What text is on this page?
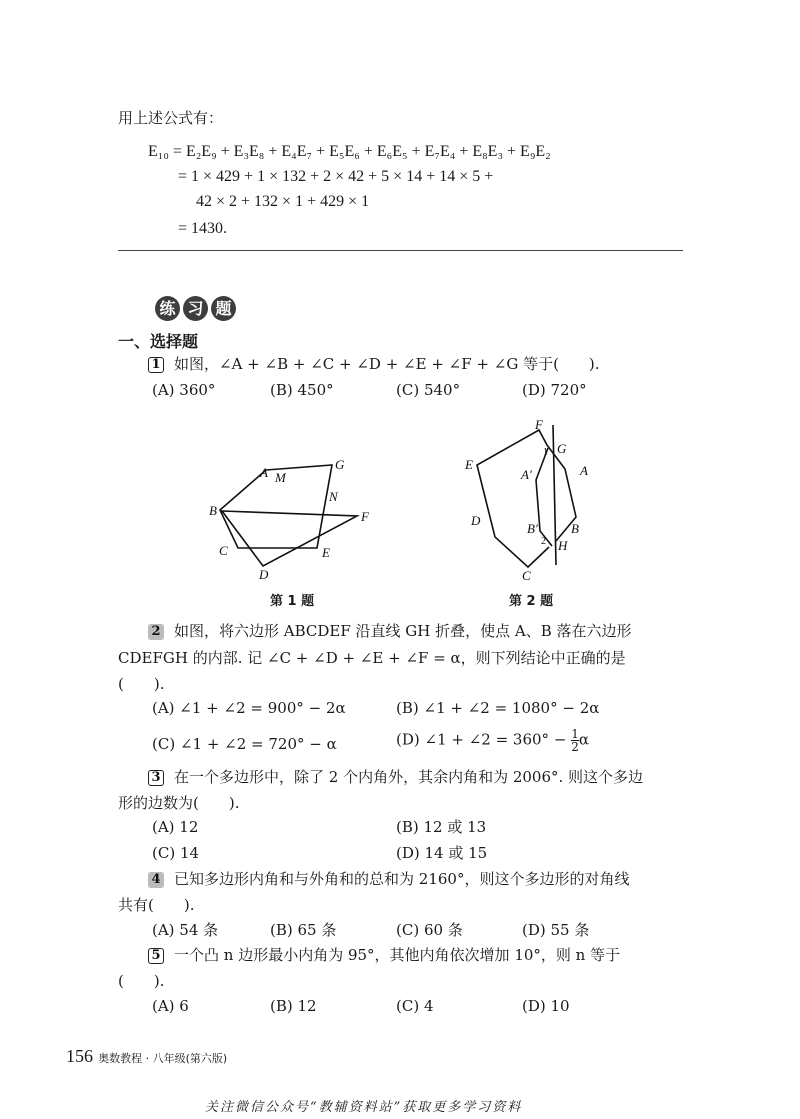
用上述公式有：
E₁₀ = E₂E₉ + E₃E₈ + E₄E₇ + E₅E₆ + E₆E₅ + E₇E₄ + E₈E₃ + E₉E₂
= 1 × 429 + 1 × 132 + 2 × 42 + 5 × 14 + 14 × 5 +
42 × 2 + 132 × 1 + 429 × 1
= 1430.
练 习 题
一、选择题
1 如图，∠A + ∠B + ∠C + ∠D + ∠E + ∠F + ∠G 等于(　　).
(A) 360°	(B) 450°	(C) 540°	(D) 720°
A M
G
N
B	F
C	E
D
第 1 题
F
G
1
E
A′	A
D
B′	B
2 H
C
第 2 题
2 如图，将六边形 ABCDEF 沿直线 GH 折叠，使点 A、B 落在六边形
CDEFGH 的内部. 记 ∠C + ∠D + ∠E + ∠F = α，则下列结论中正确的是
(　　).
(A) ∠1 + ∠2 = 900° − 2α	(B) ∠1 + ∠2 = 1080° − 2α
(C) ∠1 + ∠2 = 720° − α	(D) ∠1 + ∠2 = $360^\circ - \frac{1}{2}$ α
3 在一个多边形中，除了 2 个内角外，其余内角和为 2006°. 则这个多边
形的边数为(　　).
(A) 12	(B) 12 或 13
(C) 14	(D) 14 或 15
4 已知多边形内角和与外角和的总和为 2160°，则这个多边形的对角线
共有(　　).
(A) 54 条	(B) 65 条	(C) 60 条	(D) 55 条
5 一个凸 n 边形最小内角为 95°，其他内角依次增加 10°，则 n 等于
(　　).
(A) 6	(B) 12	(C) 4	(D) 10
156 奥数教程 · 八年级(第六版)
关注微信公众号“教辅资料站”获取更多学习资料
